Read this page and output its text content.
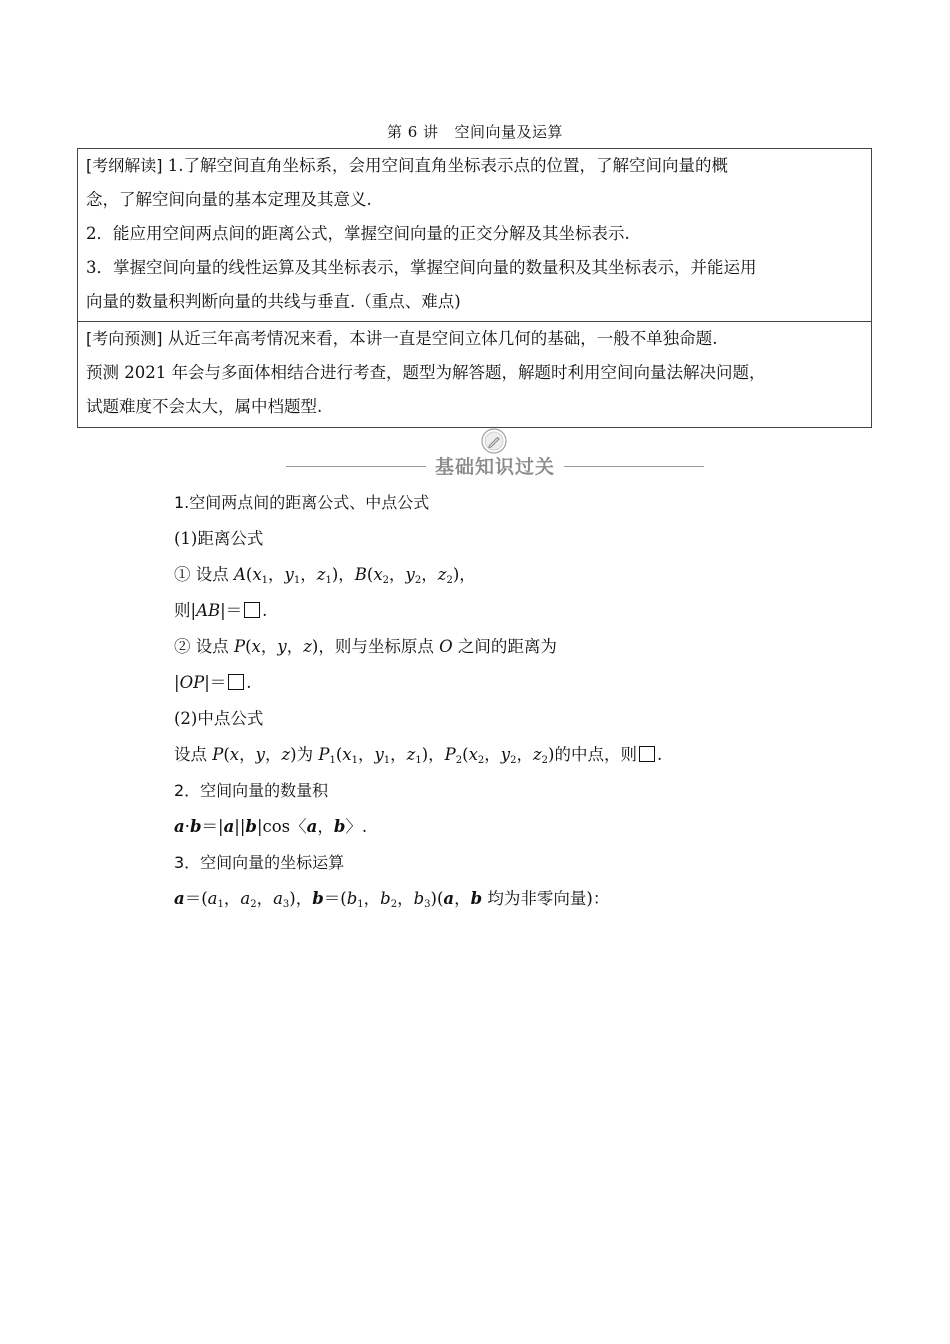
第 6 讲 空间向量及运算

[考纲解读] 1.了解空间直角坐标系，会用空间直角坐标表示点的位置，了解空间向量的概

念，了解空间向量的基本定理及其意义.

2．能应用空间两点间的距离公式，掌握空间向量的正交分解及其坐标表示.

3．掌握空间向量的线性运算及其坐标表示，掌握空间向量的数量积及其坐标表示，并能运用

向量的数量积判断向量的共线与垂直.（重点、难点)

[考向预测] 从近三年高考情况来看，本讲一直是空间立体几何的基础，一般不单独命题.

预测 2021 年会与多面体相结合进行考查，题型为解答题，解题时利用空间向量法解决问题，

试题难度不会太大，属中档题型.

基础知识过关

1.空间两点间的距离公式、中点公式

(1)距离公式

① 设点 $A(x_1$，$y_1$，$z_1$)，$B(x_2$，$y_2$，$z_2$)，

则|AB|＝ .

② 设点 P(x，y，z)，则与坐标原点 O 之间的距离为

|OP|＝ .

(2)中点公式

设点 P(x，y，z)为 $P_1(x_1$，$y_1$，$z_1$)，$P_2(x_2$，$y_2$，$z_2$)的中点，则 .

2．空间向量的数量积

a·b＝|a||b|cos〈a，b〉.

3．空间向量的坐标运算

$a=(a_1$，$a_2$，$a_3$)，$b=(b_1$，$b_2$，$b_3)(a$，b 均为非零向量)：
